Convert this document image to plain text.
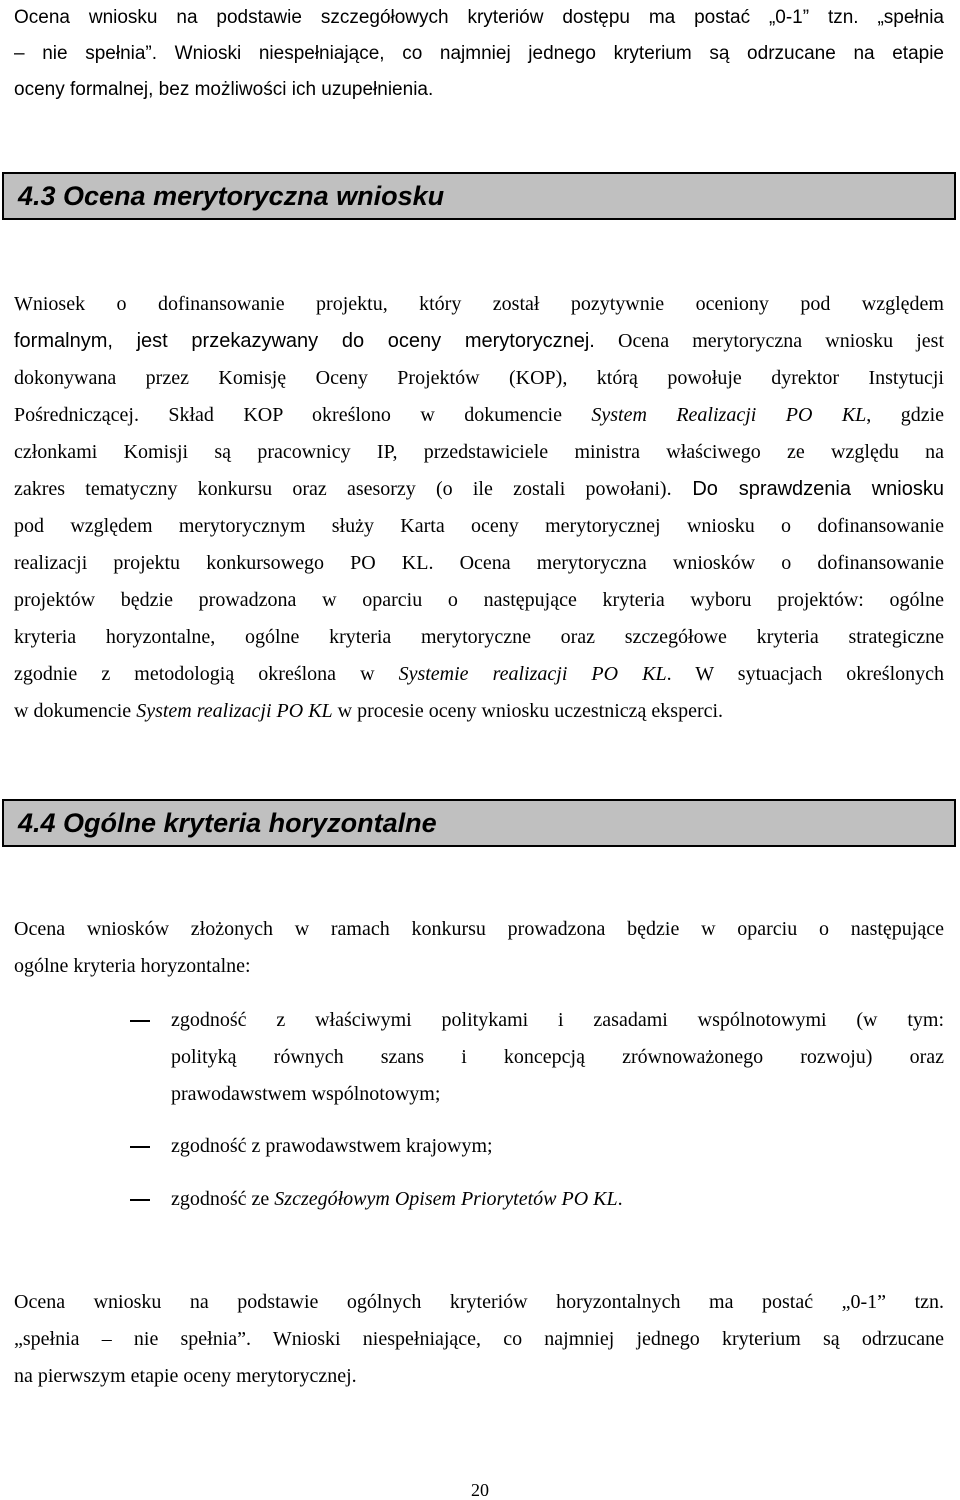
Ocena wniosku na podstawie szczegółowych kryteriów dostępu ma postać „0-1” tzn. „spełnia
– nie spełnia”. Wnioski niespełniające, co najmniej jednego kryterium są odrzucane na etapie
oceny formalnej, bez możliwości ich uzupełnienia.
4.3 Ocena merytoryczna wniosku
Wniosek o dofinansowanie projektu, który został pozytywnie oceniony pod względem
formalnym, jest przekazywany do oceny merytorycznej. Ocena merytoryczna wniosku jest
dokonywana przez Komisję Oceny Projektów (KOP), którą powołuje dyrektor Instytucji
Pośredniczącej. Skład KOP określono w dokumencie System Realizacji PO KL, gdzie
członkami Komisji są pracownicy IP, przedstawiciele ministra właściwego ze względu na
zakres tematyczny konkursu oraz asesorzy (o ile zostali powołani). Do sprawdzenia wniosku
pod względem merytorycznym służy Karta oceny merytorycznej wniosku o dofinansowanie
realizacji projektu konkursowego PO KL. Ocena merytoryczna wniosków o dofinansowanie
projektów będzie prowadzona w oparciu o następujące kryteria wyboru projektów: ogólne
kryteria horyzontalne, ogólne kryteria merytoryczne oraz szczegółowe kryteria strategiczne
zgodnie z metodologią określona w Systemie realizacji PO KL. W sytuacjach określonych
w dokumencie System realizacji PO KL w procesie oceny wniosku uczestniczą eksperci.
4.4 Ogólne kryteria horyzontalne
Ocena wniosków złożonych w ramach konkursu prowadzona będzie w oparciu o następujące
ogólne kryteria horyzontalne:
zgodność z właściwymi politykami i zasadami wspólnotowymi (w tym:
polityką równych szans i koncepcją zrównoważonego rozwoju) oraz
prawodawstwem wspólnotowym;
zgodność z prawodawstwem krajowym;
zgodność ze Szczegółowym Opisem Priorytetów PO KL.
Ocena wniosku na podstawie ogólnych kryteriów horyzontalnych ma postać „0-1” tzn.
„spełnia – nie spełnia”. Wnioski niespełniające, co najmniej jednego kryterium są odrzucane
na pierwszym etapie oceny merytorycznej.
20
